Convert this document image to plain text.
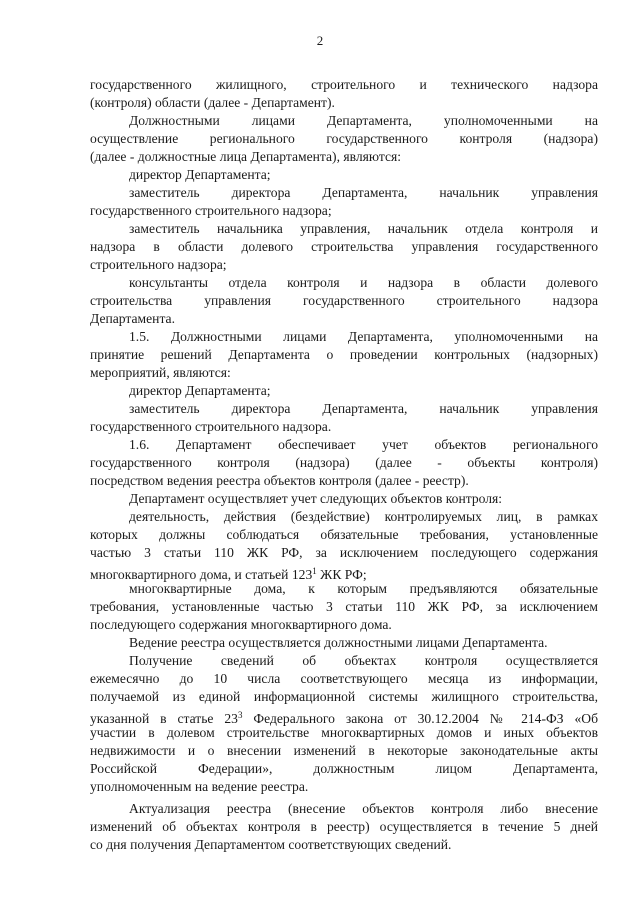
2
государственного жилищного, строительного и технического надзора
(контроля) области (далее - Департамент).
Должностными лицами Департамента, уполномоченными на
осуществление регионального государственного контроля (надзора)
(далее - должностные лица Департамента), являются:
директор Департамента;
заместитель директора Департамента, начальник управления
государственного строительного надзора;
заместитель начальника управления, начальник отдела контроля и
надзора в области долевого строительства управления государственного
строительного надзора;
консультанты отдела контроля и надзора в области долевого
строительства управления государственного строительного надзора
Департамента.
1.5. Должностными лицами Департамента, уполномоченными на
принятие решений Департамента о проведении контрольных (надзорных)
мероприятий, являются:
директор Департамента;
заместитель директора Департамента, начальник управления
государственного строительного надзора.
1.6. Департамент обеспечивает учет объектов регионального
государственного контроля (надзора) (далее - объекты контроля)
посредством ведения реестра объектов контроля (далее - реестр).
Департамент осуществляет учет следующих объектов контроля:
деятельность, действия (бездействие) контролируемых лиц, в рамках
которых должны соблюдаться обязательные требования, установленные
частью 3 статьи 110 ЖК РФ, за исключением последующего содержания
многоквартирного дома, и статьей $123^1$ ЖК РФ;
многоквартирные дома, к которым предъявляются обязательные
требования, установленные частью 3 статьи 110 ЖК РФ, за исключением
последующего содержания многоквартирного дома.
Ведение реестра осуществляется должностными лицами Департамента.
Получение сведений об объектах контроля осуществляется
ежемесячно до 10 числа соответствующего месяца из информации,
получаемой из единой информационной системы жилищного строительства,
указанной в статье $23^3$ Федерального закона от 30.12.2004 № 214-ФЗ «Об
участии в долевом строительстве многоквартирных домов и иных объектов
недвижимости и о внесении изменений в некоторые законодательные акты
Российской Федерации», должностным лицом Департамента,
уполномоченным на ведение реестра.
Актуализация реестра (внесение объектов контроля либо внесение
изменений об объектах контроля в реестр) осуществляется в течение 5 дней
со дня получения Департаментом соответствующих сведений.
